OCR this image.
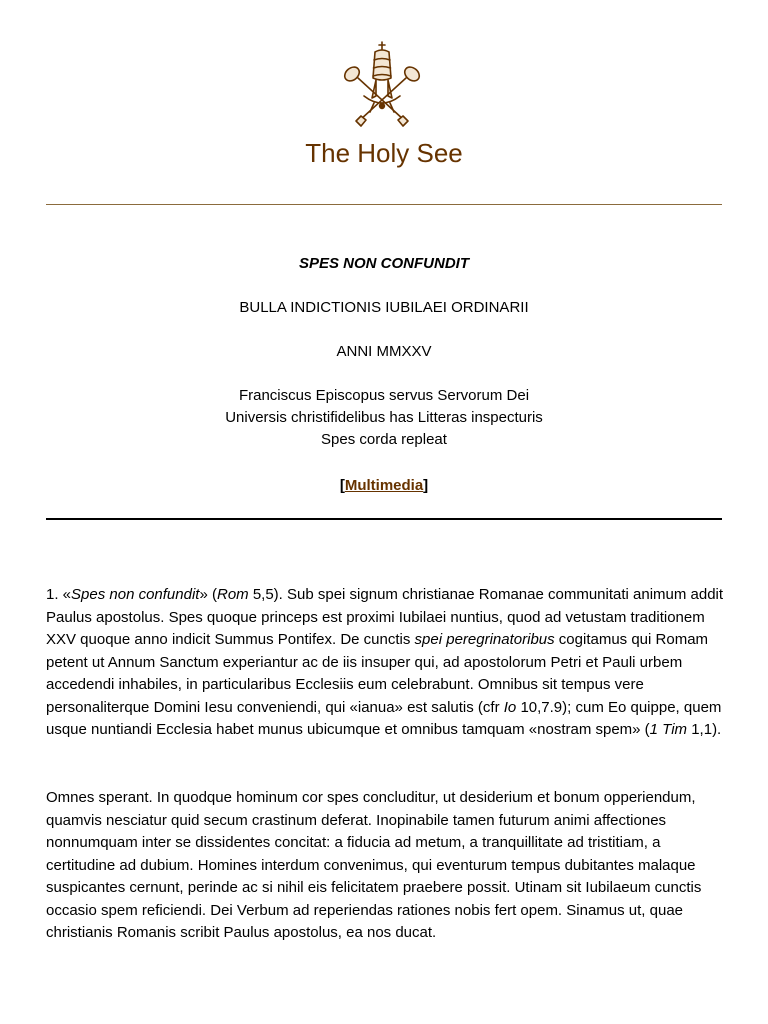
The Holy See
SPES NON CONFUNDIT
BULLA INDICTIONIS IUBILAEI ORDINARII
ANNI MMXXV
Franciscus Episcopus servus Servorum Dei
Universis christifidelibus has Litteras inspecturis
Spes corda repleat
[Multimedia]

1. «Spes non confundit» (Rom 5,5). Sub spei signum christianae Romanae communitati animum addit Paulus apostolus. Spes quoque princeps est proximi Iubilaei nuntius, quod ad vetustam traditionem XXV quoque anno indicit Summus Pontifex. De cunctis spei peregrinatoribus cogitamus qui Romam petent ut Annum Sanctum experiantur ac de iis insuper qui, ad apostolorum Petri et Pauli urbem accedendi inhabiles, in particularibus Ecclesiis eum celebrabunt. Omnibus sit tempus vere personaliterque Domini Iesu conveniendi, qui «ianua» est salutis (cfr Io 10,7.9); cum Eo quippe, quem usque nuntiandi Ecclesia habet munus ubicumque et omnibus tamquam «nostram spem» (1 Tim 1,1).

Omnes sperant. In quodque hominum cor spes concluditur, ut desiderium et bonum opperiendum, quamvis nesciatur quid secum crastinum deferat. Inopinabile tamen futurum animi affectiones nonnumquam inter se dissidentes concitat: a fiducia ad metum, a tranquillitate ad tristitiam, a certitudine ad dubium. Homines interdum convenimus, qui eventurum tempus dubitantes malaque suspicantes cernunt, perinde ac si nihil eis felicitatem praebere possit. Utinam sit Iubilaeum cunctis occasio spem reficiendi. Dei Verbum ad reperiendas rationes nobis fert opem. Sinamus ut, quae christianis Romanis scribit Paulus apostolus, ea nos ducat.
